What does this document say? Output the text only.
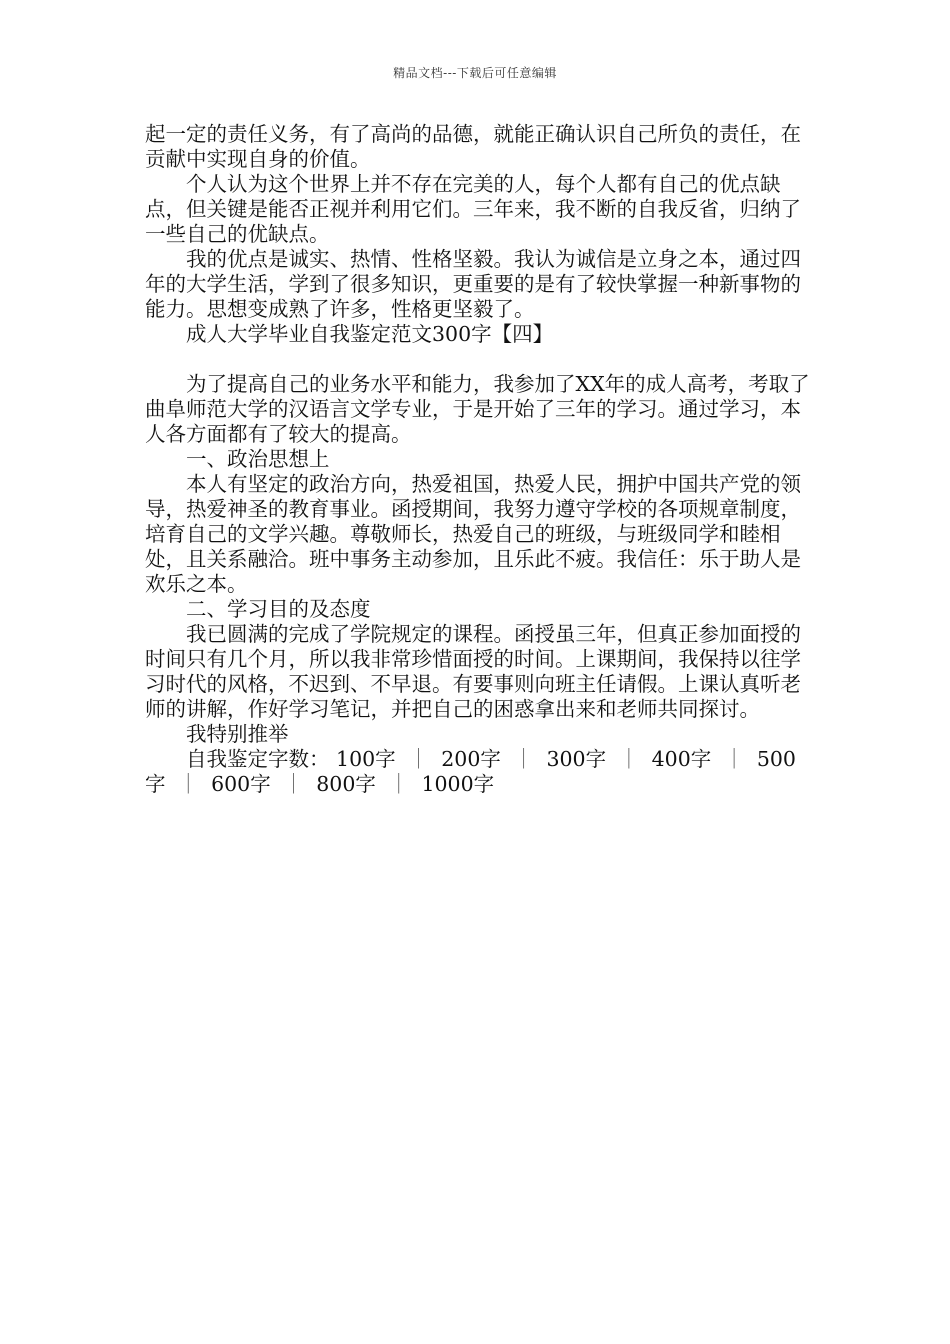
精品文档---下载后可任意编辑

起一定的责任义务，有了高尚的品德，就能正确认识自己所负的责任，在贡献中实现自身的价值。

个人认为这个世界上并不存在完美的人，每个人都有自己的优点缺点，但关键是能否正视并利用它们。三年来，我不断的自我反省，归纳了一些自己的优缺点。

我的优点是诚实、热情、性格坚毅。我认为诚信是立身之本，通过四年的大学生活，学到了很多知识，更重要的是有了较快掌握一种新事物的能力。思想变成熟了许多，性格更坚毅了。

成人大学毕业自我鉴定范文300字【四】

为了提高自己的业务水平和能力，我参加了XX年的成人高考，考取了曲阜师范大学的汉语言文学专业，于是开始了三年的学习。通过学习，本人各方面都有了较大的提高。

一、政治思想上

本人有坚定的政治方向，热爱祖国，热爱人民，拥护中国共产党的领导，热爱神圣的教育事业。函授期间，我努力遵守学校的各项规章制度，培育自己的文学兴趣。尊敬师长，热爱自己的班级，与班级同学和睦相处，且关系融洽。班中事务主动参加，且乐此不疲。我信任：乐于助人是欢乐之本。

二、学习目的及态度

我已圆满的完成了学院规定的课程。函授虽三年，但真正参加面授的时间只有几个月，所以我非常珍惜面授的时间。上课期间，我保持以往学习时代的风格，不迟到、不早退。有要事则向班主任请假。上课认真听老师的讲解，作好学习笔记，并把自己的困惑拿出来和老师共同探讨。

我特别推举

自我鉴定字数： 100字 ｜ 200字 ｜ 300字 ｜ 400字 ｜ 500字 ｜ 600字 ｜ 800字 ｜ 1000字
